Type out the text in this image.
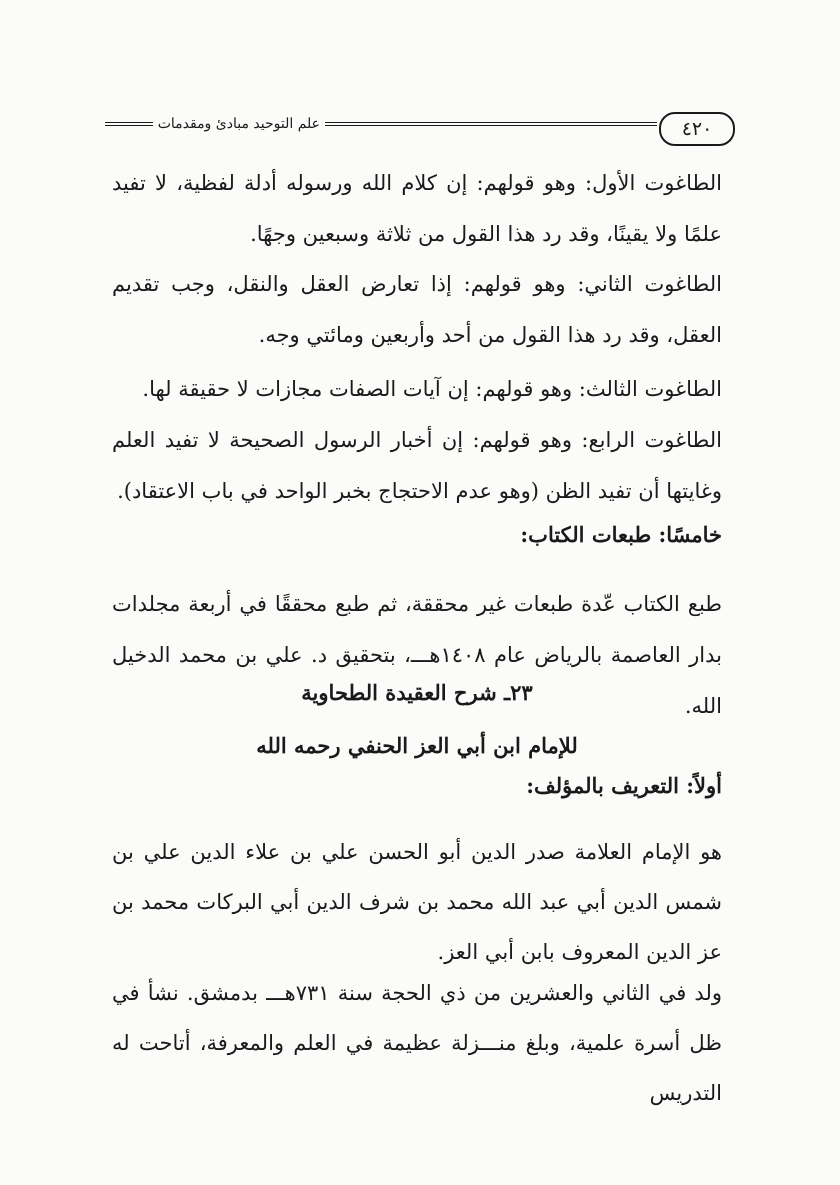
علم التوحيد مبادئ ومقدمات	٤٢٠

الطاغوت الأول: وهو قولهم: إن كلام الله ورسوله أدلة لفظية، لا تفيد علمًا ولا يقينًا، وقد رد هذا القول من ثلاثة وسبعين وجهًا.

الطاغوت الثاني: وهو قولهم: إذا تعارض العقل والنقل، وجب تقديم العقل، وقد رد هذا القول من أحد وأربعين ومائتي وجه.

الطاغوت الثالث: وهو قولهم: إن آيات الصفات مجازات لا حقيقة لها.

الطاغوت الرابع: وهو قولهم: إن أخبار الرسول الصحيحة لا تفيد العلم وغايتها أن تفيد الظن (وهو عدم الاحتجاج بخبر الواحد في باب الاعتقاد).

خامسًا: طبعات الكتاب:

طبع الكتاب عّدة طبعات غير محققة، ثم طبع محققًا في أربعة مجلدات بدار العاصمة بالرياض عام ١٤٠٨هـــ، بتحقيق د. علي بن محمد الدخيل الله.

٢٣ـ شرح العقيدة الطحاوية
للإمام ابن أبي العز الحنفي رحمه الله
أولاً: التعريف بالمؤلف:

هو الإمام العلامة صدر الدين أبو الحسن علي بن علاء الدين علي بن شمس الدين أبي عبد الله محمد بن شرف الدين أبي البركات محمد بن عز الدين المعروف بابن أبي العز.

ولد في الثاني والعشرين من ذي الحجة سنة ٧٣١هـــ بدمشق. نشأ في ظل أسرة علمية، وبلغ منـــزلة عظيمة في العلم والمعرفة، أتاحت له التدريس
